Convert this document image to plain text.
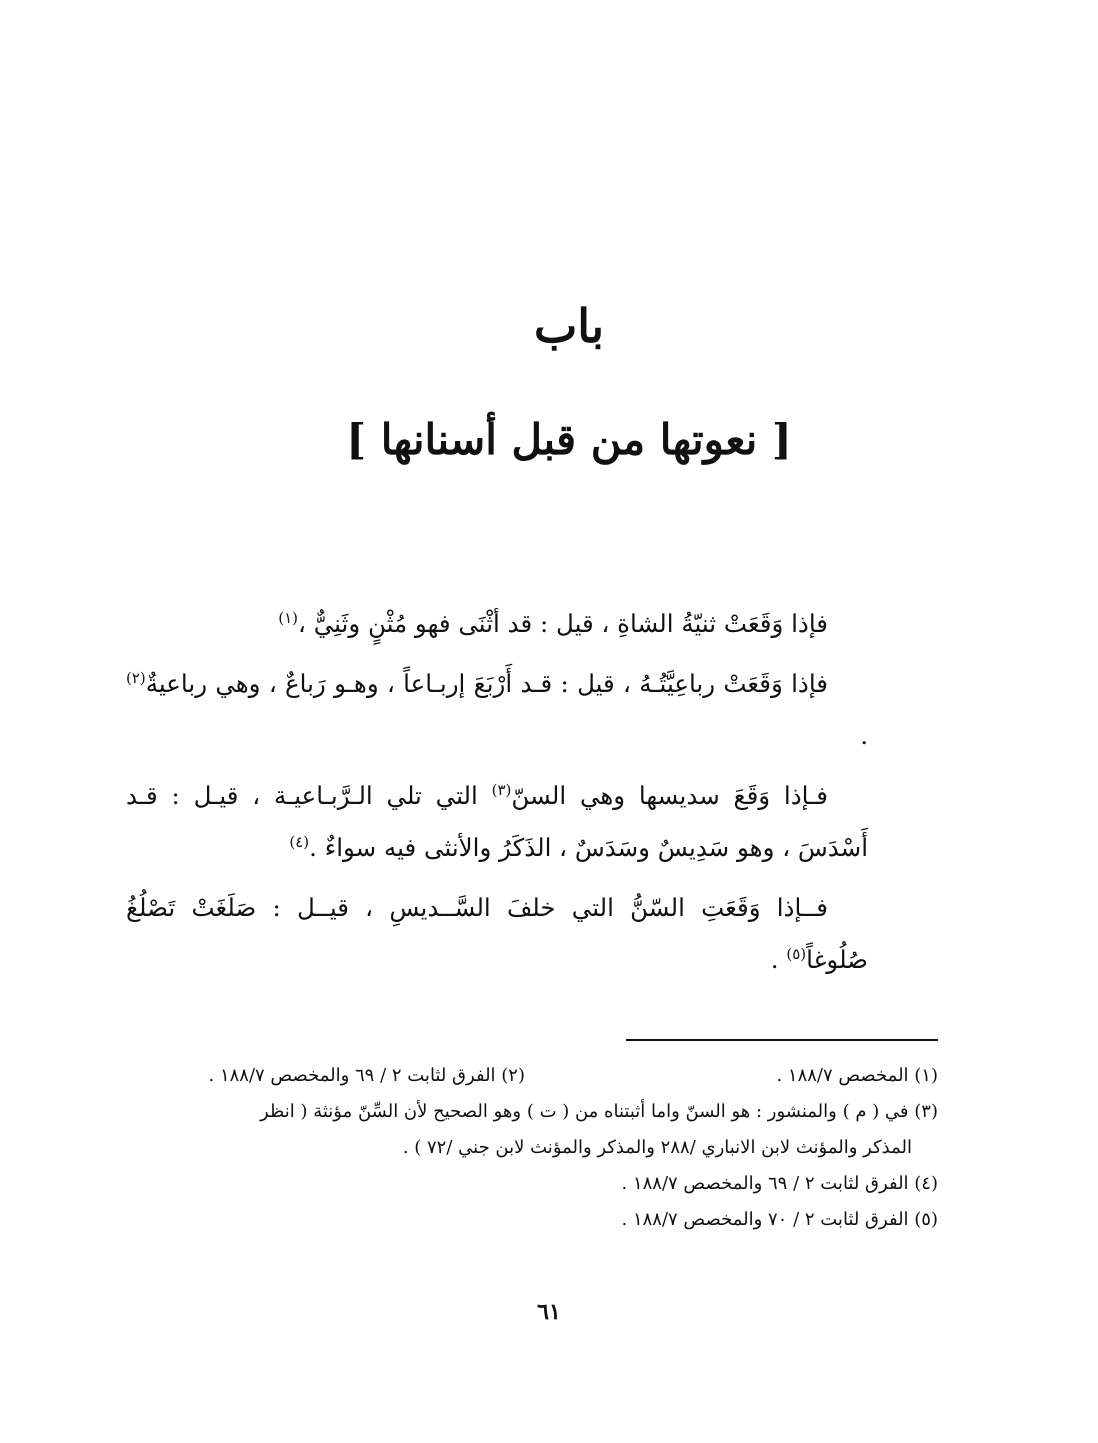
باب
[ نعوتها من قبل أسنانها ]

فإذا وَقَعَتْ ثنيّةُ الشاةِ ، قيل : قد أثْنَى فهو مُثْنٍ وثَنِيٌّ ،$^{(١)}$

فإذا وَقَعَتْ رباعِيَّتُـهُ ، قيل : قـد أَرْبَعَ إربـاعاً ، وهـو رَباعٌ ، وهي رباعيةٌ$^{(٢)}$ .

فـإذا وَقَعَ سديسها وهي السنّ$^{(٣)}$ التي تلي الـرَّبـاعيـة ، قيـل : قـد أَسْدَسَ ، وهو سَدِيسٌ وسَدَسٌ ، الذَكَرُ والأنثى فيه سواءٌ .$^{(٤)}$

فــإذا وَقَعَتِ السّنُّ التي خلفَ السَّــديسِ ، قيــل : صَلَغَتْ تَصْلُغُ صُلُوغاً$^{(٥)}$ .

(١) المخصص ١٨٨/٧ .
(٢) الفرق لثابت ٢ / ٦٩ والمخصص ١٨٨/٧ .

(٣) في ( م ) والمنشور : هو السنّ واما أثبتناه من ( ت ) وهو الصحيح لأن السِّنّ مؤنثة ( انظر

المذكر والمؤنث لابن الانباري /٢٨٨ والمذكر والمؤنث لابن جني /٧٢ ) .

(٤) الفرق لثابت ٢ / ٦٩ والمخصص ١٨٨/٧ .

(٥) الفرق لثابت ٢ / ٧٠ والمخصص ١٨٨/٧ .

٦١
